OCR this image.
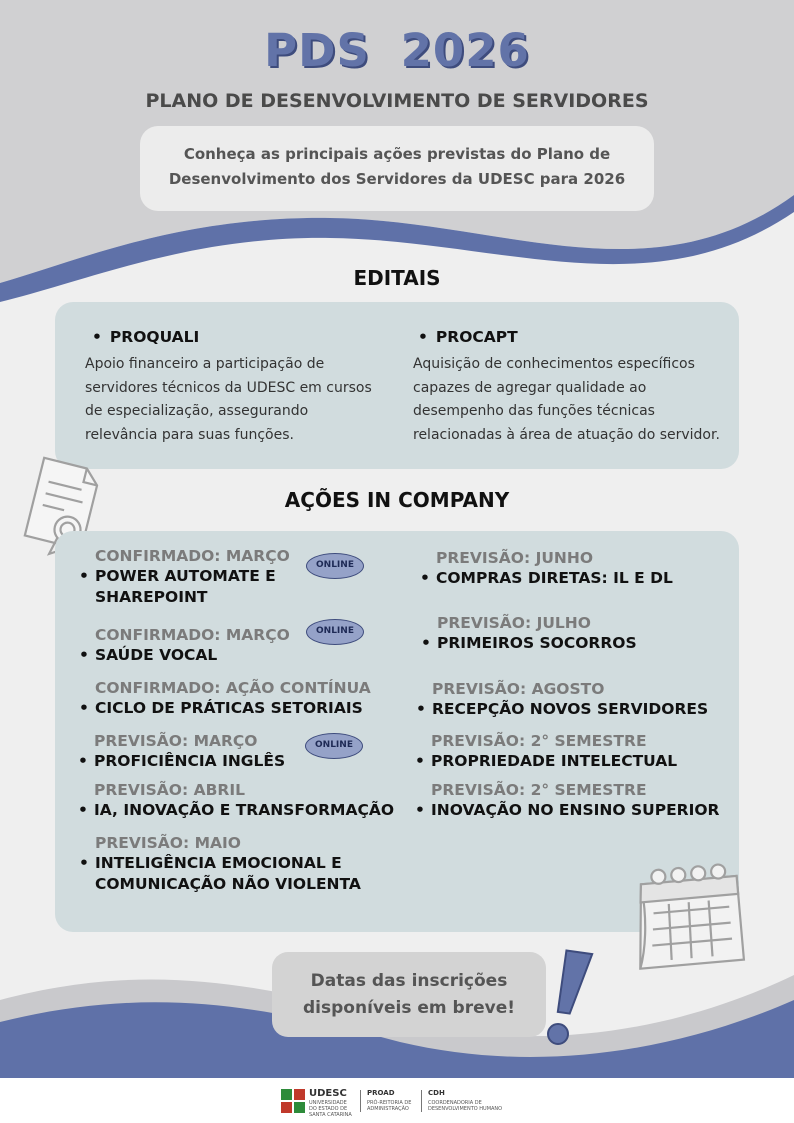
PDS 2026
PLANO DE DESENVOLVIMENTO DE SERVIDORES
Conheça as principais ações previstas do Plano de Desenvolvimento dos Servidores da UDESC para 2026
EDITAIS
• PROQUALI
Apoio financeiro a participação de servidores técnicos da UDESC em cursos de especialização, assegurando relevância para suas funções.
• PROCAPT
Aquisição de conhecimentos específicos capazes de agregar qualidade ao desempenho das funções técnicas relacionadas à área de atuação do servidor.
AÇÕES IN COMPANY
CONFIRMADO: MARÇO
• POWER AUTOMATE E SHAREPOINT
ONLINE
CONFIRMADO: MARÇO
• SAÚDE VOCAL
ONLINE
CONFIRMADO: AÇÃO CONTÍNUA
• CICLO DE PRÁTICAS SETORIAIS
PREVISÃO: MARÇO
• PROFICIÊNCIA INGLÊS
ONLINE
PREVISÃO: ABRIL
• IA, INOVAÇÃO E TRANSFORMAÇÃO
PREVISÃO: MAIO
• INTELIGÊNCIA EMOCIONAL E COMUNICAÇÃO NÃO VIOLENTA
PREVISÃO: JUNHO
• COMPRAS DIRETAS: IL E DL
PREVISÃO: JULHO
• PRIMEIROS SOCORROS
PREVISÃO: AGOSTO
• RECEPÇÃO NOVOS SERVIDORES
PREVISÃO: 2° SEMESTRE
• PROPRIEDADE INTELECTUAL
PREVISÃO: 2° SEMESTRE
• INOVAÇÃO NO ENSINO SUPERIOR
Datas das inscrições disponíveis em breve!
UDESC
UNIVERSIDADE DO ESTADO DE SANTA CATARINA
PROAD
PRÓ-REITORIA DE ADMINISTRAÇÃO
CDH
COORDENADORIA DE DESENVOLVIMENTO HUMANO
